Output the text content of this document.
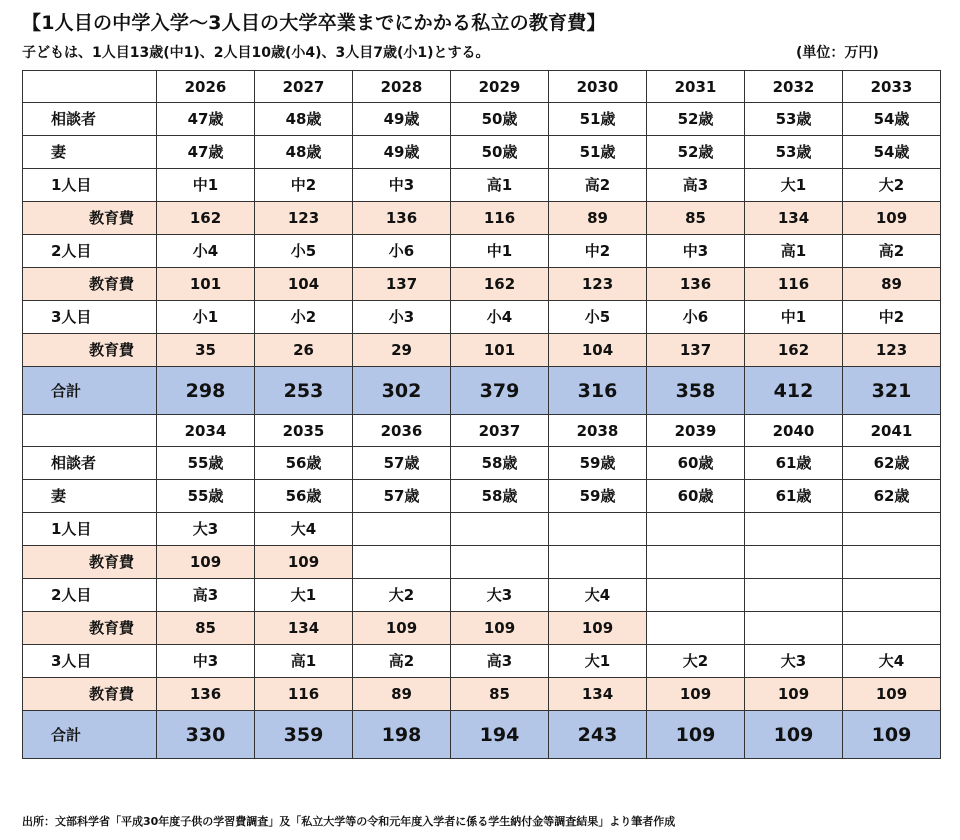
【1人目の中学入学〜3人目の大学卒業までにかかる私立の教育費】
子どもは、1人目13歳(中1)、2人目10歳(小4)、3人目7歳(小1)とする。	(単位：万円)
	2026	2027	2028	2029	2030	2031	2032	2033
相談者	47歳	48歳	49歳	50歳	51歳	52歳	53歳	54歳
妻	47歳	48歳	49歳	50歳	51歳	52歳	53歳	54歳
1人目	中1	中2	中3	高1	高2	高3	大1	大2
教育費	162	123	136	116	89	85	134	109
2人目	小4	小5	小6	中1	中2	中3	高1	高2
教育費	101	104	137	162	123	136	116	89
3人目	小1	小2	小3	小4	小5	小6	中1	中2
教育費	35	26	29	101	104	137	162	123
合計	298	253	302	379	316	358	412	321
	2034	2035	2036	2037	2038	2039	2040	2041
相談者	55歳	56歳	57歳	58歳	59歳	60歳	61歳	62歳
妻	55歳	56歳	57歳	58歳	59歳	60歳	61歳	62歳
1人目	大3	大4						
教育費	109	109						
2人目	高3	大1	大2	大3	大4			
教育費	85	134	109	109	109			
3人目	中3	高1	高2	高3	大1	大2	大3	大4
教育費	136	116	89	85	134	109	109	109
合計	330	359	198	194	243	109	109	109
出所：文部科学省「平成30年度子供の学習費調査」及「私立大学等の令和元年度入学者に係る学生納付金等調査結果」より筆者作成
